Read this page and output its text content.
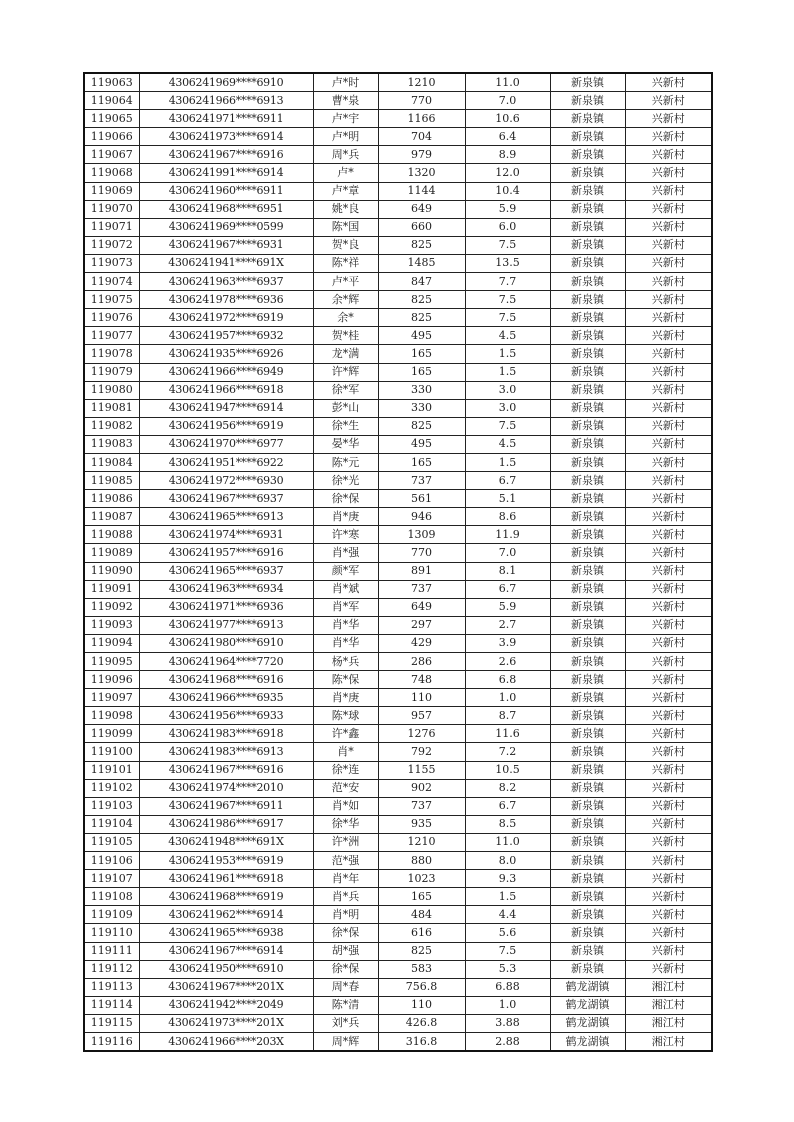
119063	4306241969****6910	卢*时	1210	11.0	新泉镇	兴新村
119064	4306241966****6913	曹*泉	770	7.0	新泉镇	兴新村
119065	4306241971****6911	卢*宇	1166	10.6	新泉镇	兴新村
119066	4306241973****6914	卢*明	704	6.4	新泉镇	兴新村
119067	4306241967****6916	周*兵	979	8.9	新泉镇	兴新村
119068	4306241991****6914	卢*	1320	12.0	新泉镇	兴新村
119069	4306241960****6911	卢*章	1144	10.4	新泉镇	兴新村
119070	4306241968****6951	姚*良	649	5.9	新泉镇	兴新村
119071	4306241969****0599	陈*国	660	6.0	新泉镇	兴新村
119072	4306241967****6931	贺*良	825	7.5	新泉镇	兴新村
119073	4306241941****691X	陈*祥	1485	13.5	新泉镇	兴新村
119074	4306241963****6937	卢*平	847	7.7	新泉镇	兴新村
119075	4306241978****6936	余*辉	825	7.5	新泉镇	兴新村
119076	4306241972****6919	余*	825	7.5	新泉镇	兴新村
119077	4306241957****6932	贺*桂	495	4.5	新泉镇	兴新村
119078	4306241935****6926	龙*满	165	1.5	新泉镇	兴新村
119079	4306241966****6949	许*辉	165	1.5	新泉镇	兴新村
119080	4306241966****6918	徐*军	330	3.0	新泉镇	兴新村
119081	4306241947****6914	彭*山	330	3.0	新泉镇	兴新村
119082	4306241956****6919	徐*生	825	7.5	新泉镇	兴新村
119083	4306241970****6977	晏*华	495	4.5	新泉镇	兴新村
119084	4306241951****6922	陈*元	165	1.5	新泉镇	兴新村
119085	4306241972****6930	徐*光	737	6.7	新泉镇	兴新村
119086	4306241967****6937	徐*保	561	5.1	新泉镇	兴新村
119087	4306241965****6913	肖*庚	946	8.6	新泉镇	兴新村
119088	4306241974****6931	许*寒	1309	11.9	新泉镇	兴新村
119089	4306241957****6916	肖*强	770	7.0	新泉镇	兴新村
119090	4306241965****6937	颜*军	891	8.1	新泉镇	兴新村
119091	4306241963****6934	肖*斌	737	6.7	新泉镇	兴新村
119092	4306241971****6936	肖*军	649	5.9	新泉镇	兴新村
119093	4306241977****6913	肖*华	297	2.7	新泉镇	兴新村
119094	4306241980****6910	肖*华	429	3.9	新泉镇	兴新村
119095	4306241964****7720	杨*兵	286	2.6	新泉镇	兴新村
119096	4306241968****6916	陈*保	748	6.8	新泉镇	兴新村
119097	4306241966****6935	肖*庚	110	1.0	新泉镇	兴新村
119098	4306241956****6933	陈*球	957	8.7	新泉镇	兴新村
119099	4306241983****6918	许*鑫	1276	11.6	新泉镇	兴新村
119100	4306241983****6913	肖*	792	7.2	新泉镇	兴新村
119101	4306241967****6916	徐*连	1155	10.5	新泉镇	兴新村
119102	4306241974****2010	范*安	902	8.2	新泉镇	兴新村
119103	4306241967****6911	肖*如	737	6.7	新泉镇	兴新村
119104	4306241986****6917	徐*华	935	8.5	新泉镇	兴新村
119105	4306241948****691X	许*洲	1210	11.0	新泉镇	兴新村
119106	4306241953****6919	范*强	880	8.0	新泉镇	兴新村
119107	4306241961****6918	肖*年	1023	9.3	新泉镇	兴新村
119108	4306241968****6919	肖*兵	165	1.5	新泉镇	兴新村
119109	4306241962****6914	肖*明	484	4.4	新泉镇	兴新村
119110	4306241965****6938	徐*保	616	5.6	新泉镇	兴新村
119111	4306241967****6914	胡*强	825	7.5	新泉镇	兴新村
119112	4306241950****6910	徐*保	583	5.3	新泉镇	兴新村
119113	4306241967****201X	周*春	756.8	6.88	鹤龙湖镇	湘江村
119114	4306241942****2049	陈*清	110	1.0	鹤龙湖镇	湘江村
119115	4306241973****201X	刘*兵	426.8	3.88	鹤龙湖镇	湘江村
119116	4306241966****203X	周*辉	316.8	2.88	鹤龙湖镇	湘江村
